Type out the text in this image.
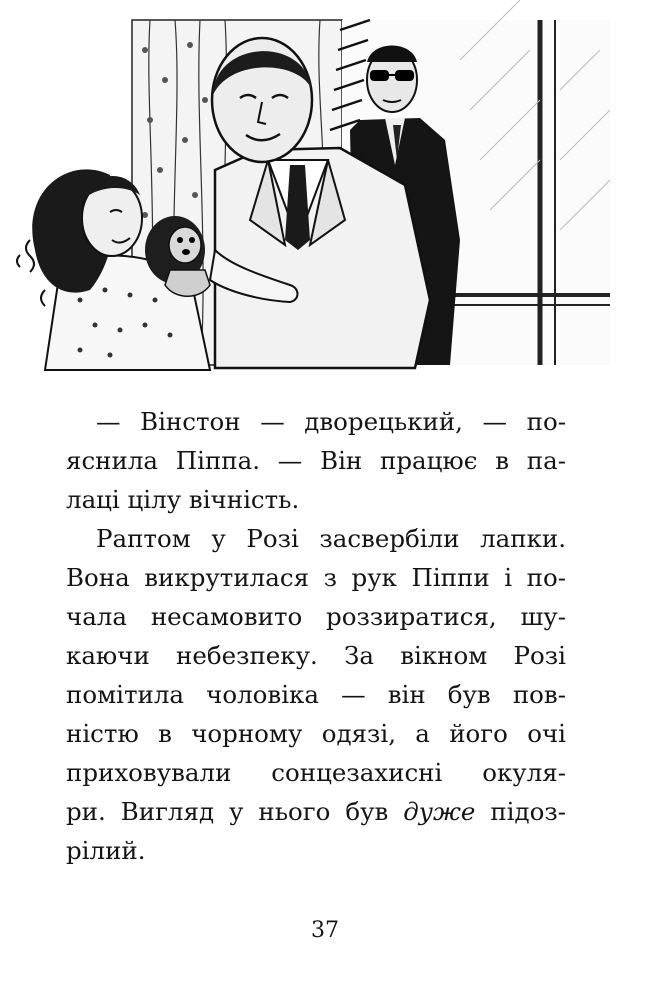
— Вінстон — дворецький, — по-
яснила Піппа. — Він працює в па-
лаці цілу вічність.

Раптом у Розі засвербіли лапки.
Вона викрутилася з рук Піппи і по-
чала несамовито роззиратися, шу-
каючи небезпеку. За вікном Розі
помітила чоловіка — він був пов-
ністю в чорному одязі, а його очі
приховували сонцезахисні окуля-
ри. Вигляд у нього був дуже підоз-
рілий.

37
